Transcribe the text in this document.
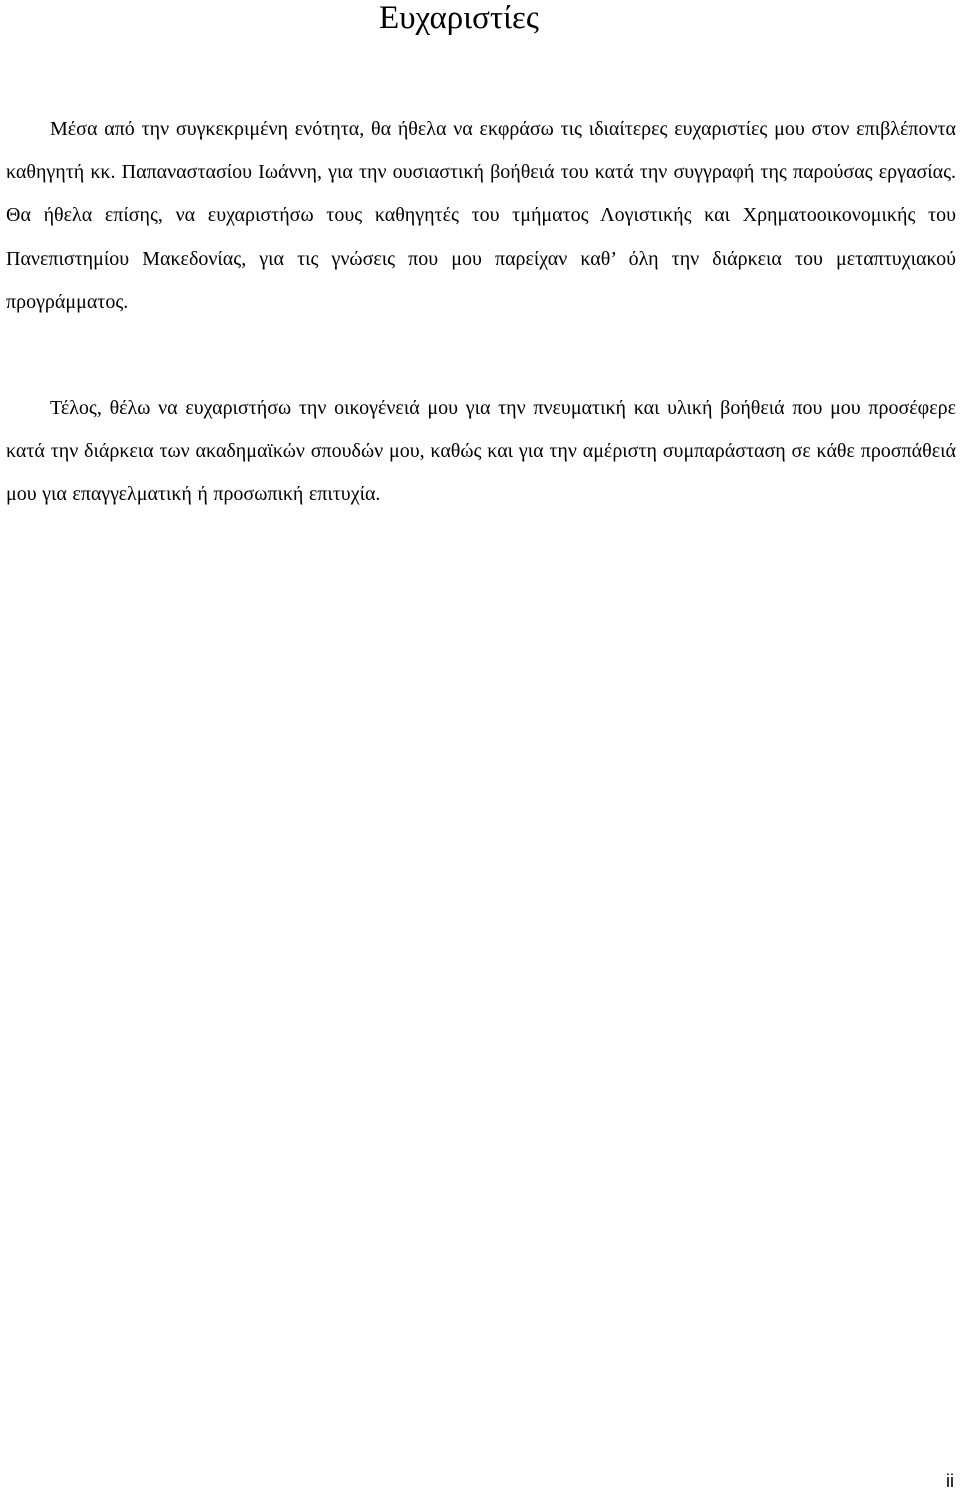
Ευχαριστίες

Μέσα από την συγκεκριμένη ενότητα, θα ήθελα να εκφράσω τις ιδιαίτερες ευχαριστίες μου στον επιβλέποντα καθηγητή κκ. Παπαναστασίου Ιωάννη, για την ουσιαστική βοήθειά του κατά την συγγραφή της παρούσας εργασίας. Θα ήθελα επίσης, να ευχαριστήσω τους καθηγητές του τμήματος Λογιστικής και Χρηματοοικονομικής του Πανεπιστημίου Μακεδονίας, για τις γνώσεις που μου παρείχαν καθ’ όλη την διάρκεια του μεταπτυχιακού προγράμματος.

Τέλος, θέλω να ευχαριστήσω την οικογένειά μου για την πνευματική και υλική βοήθειά που μου προσέφερε κατά την διάρκεια των ακαδημαϊκών σπουδών μου, καθώς και για την αμέριστη συμπαράσταση σε κάθε προσπάθειά μου για επαγγελματική ή προσωπική επιτυχία.

ii
